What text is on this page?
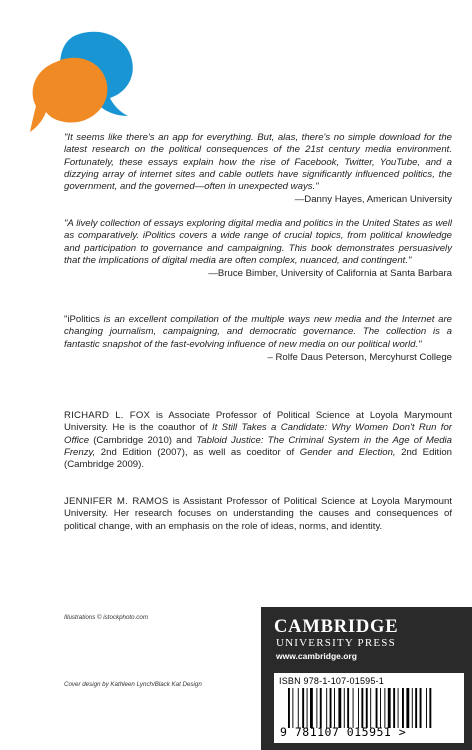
"It seems like there's an app for everything. But, alas, there's no simple download for the latest research on the political consequences of the 21st century media environment. Fortunately, these essays explain how the rise of Facebook, Twitter, YouTube, and a dizzying array of internet sites and cable outlets have significantly influenced politics, the government, and the governed—often in unexpected ways."

—Danny Hayes, American University

"A lively collection of essays exploring digital media and politics in the United States as well as comparatively. iPolitics covers a wide range of crucial topics, from political knowledge and participation to governance and campaigning. This book demonstrates persuasively that the implications of digital media are often complex, nuanced, and contingent."

—Bruce Bimber, University of California at Santa Barbara

"iPolitics is an excellent compilation of the multiple ways new media and the Internet are changing journalism, campaigning, and democratic governance. The collection is a fantastic snapshot of the fast-evolving influence of new media on our political world."

– Rolfe Daus Peterson, Mercyhurst College

RICHARD L. FOX is Associate Professor of Political Science at Loyola Marymount University. He is the coauthor of It Still Takes a Candidate: Why Women Don't Run for Office (Cambridge 2010) and Tabloid Justice: The Criminal System in the Age of Media Frenzy, 2nd Edition (2007), as well as coeditor of Gender and Election, 2nd Edition (Cambridge 2009).

JENNIFER M. RAMOS is Assistant Professor of Political Science at Loyola Marymount University. Her research focuses on understanding the causes and consequences of political change, with an emphasis on the role of ideas, norms, and identity.

Illustrations © istockphoto.com
Cover design by Kathleen Lynch/Black Kat Design
CAMBRIDGE
UNIVERSITY PRESS
www.cambridge.org
ISBN 978-1-107-01595-1
9 781107 015951 >
